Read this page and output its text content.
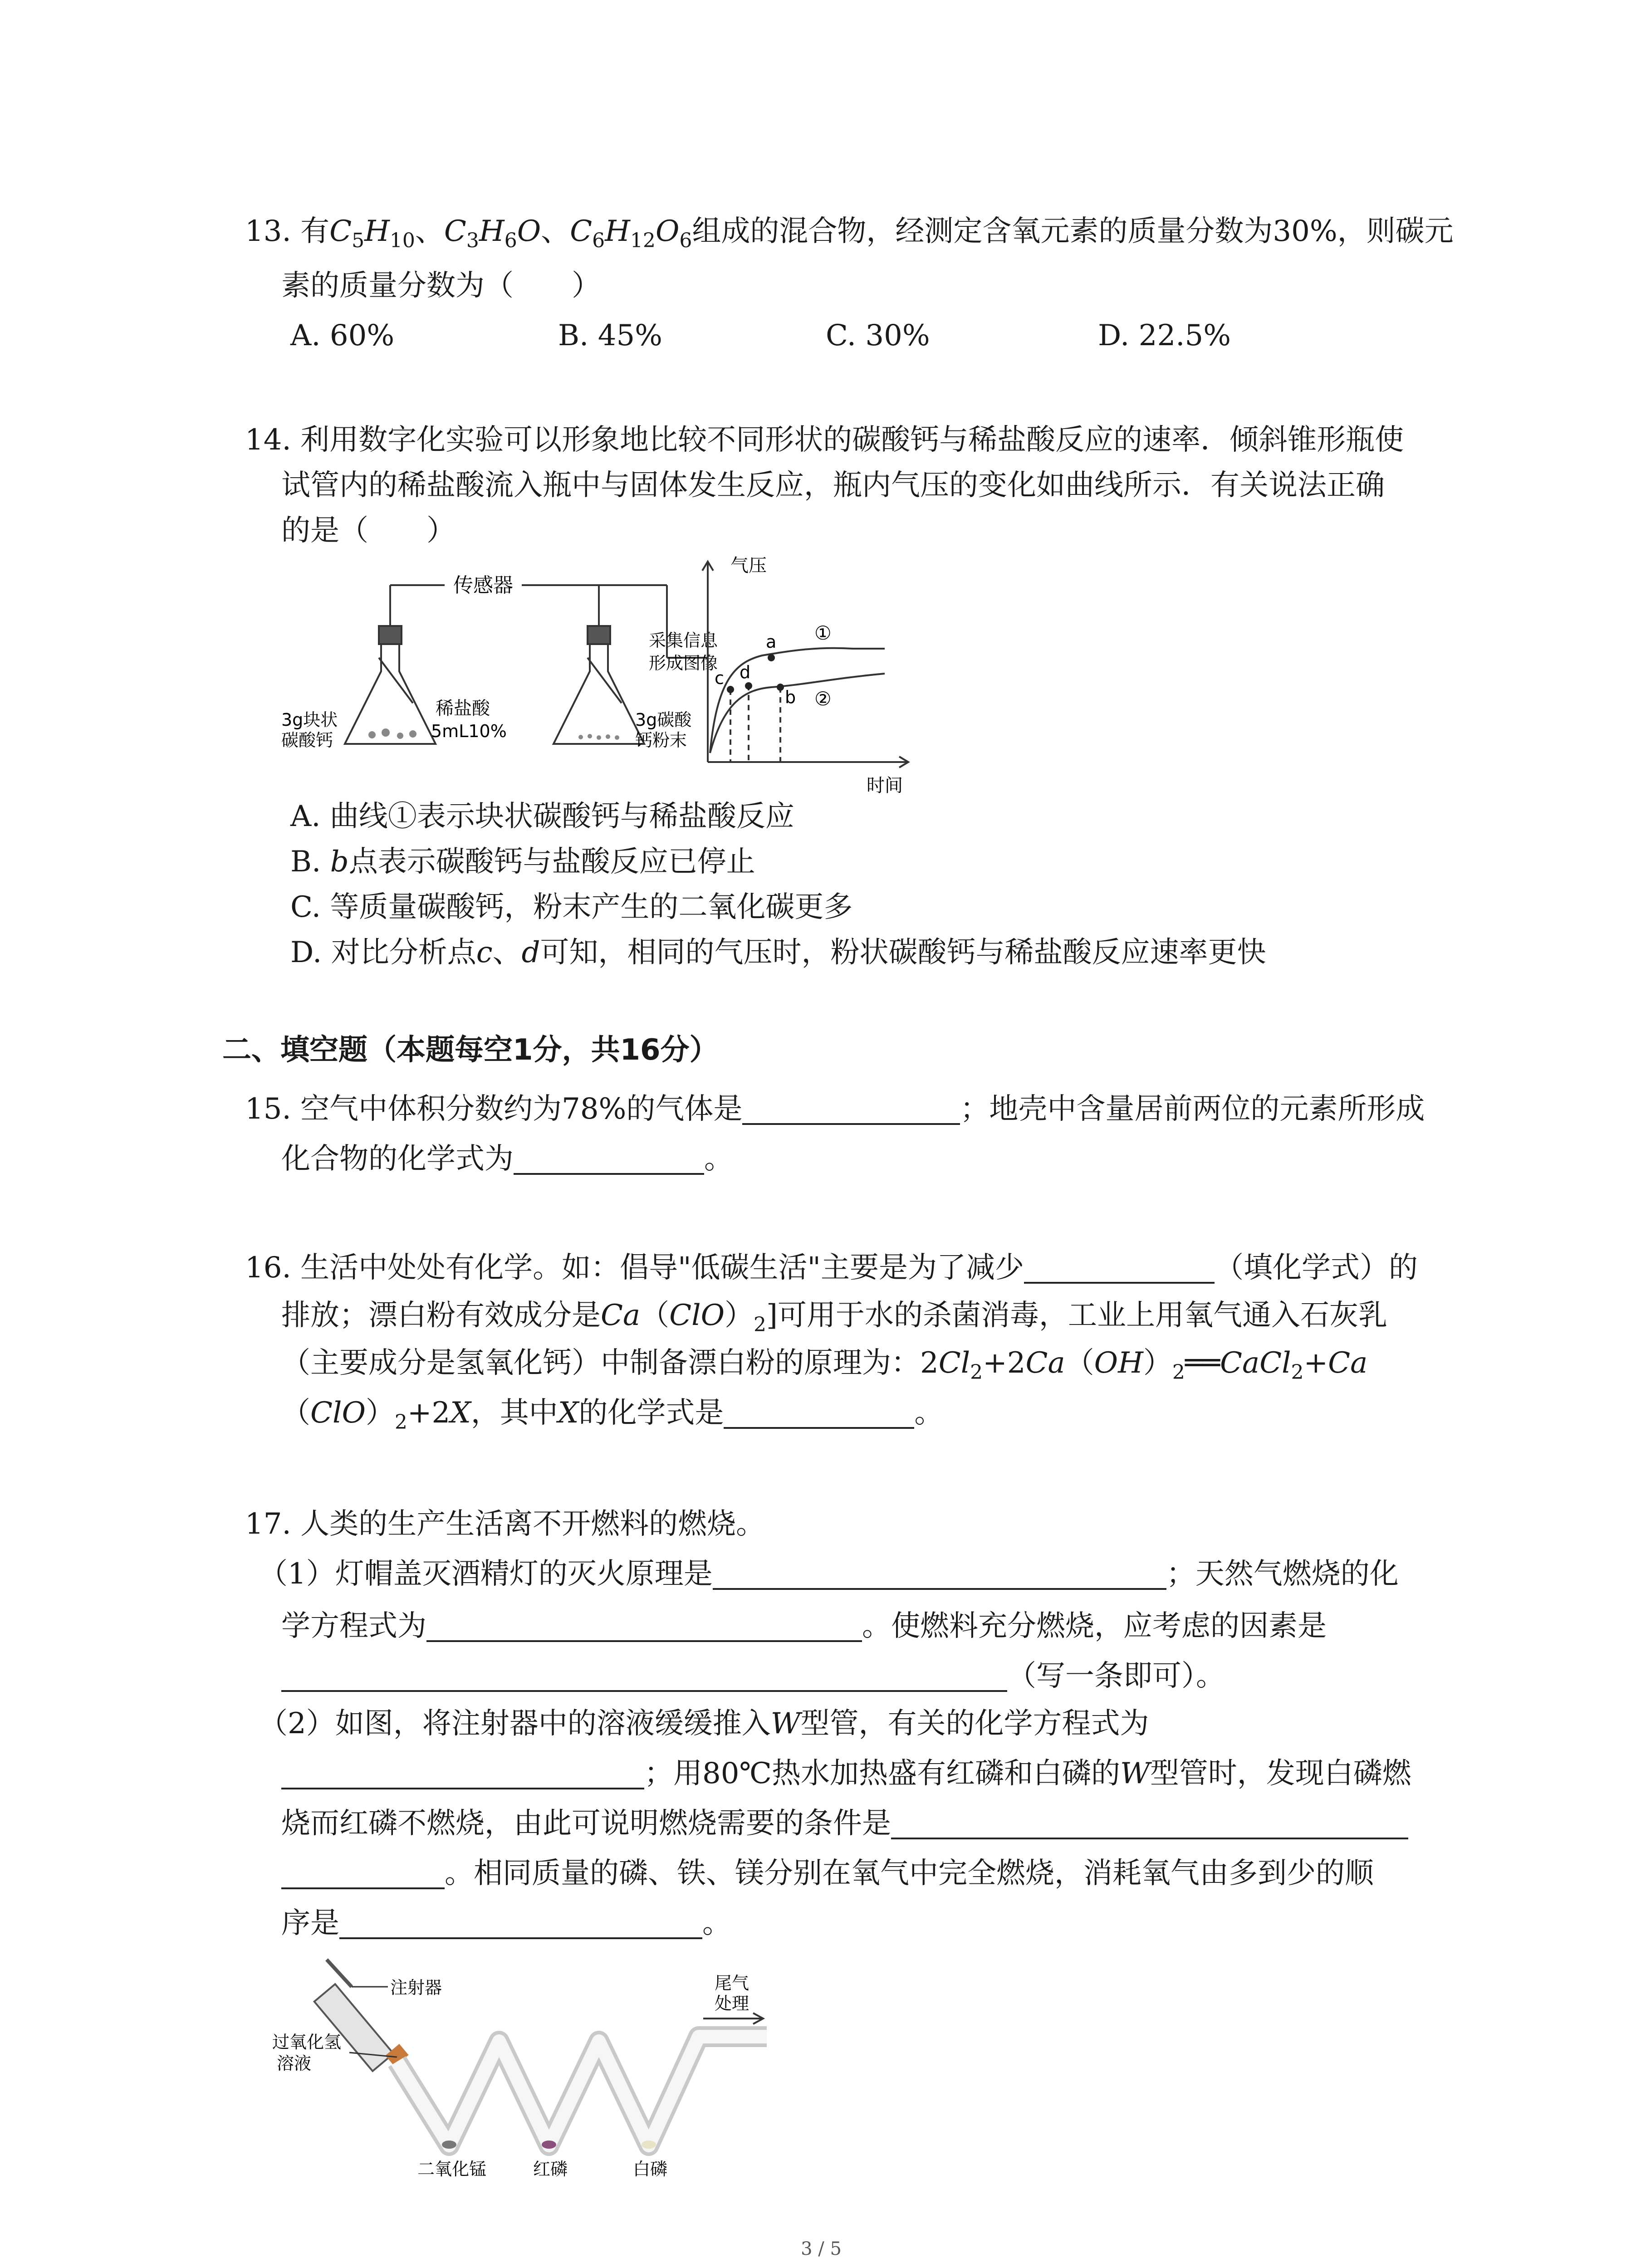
13. 有$C_5H_{10}$、$C_3H_6O$、$C_6H_{12}O_6$组成的混合物，经测定含氧元素的质量分数为30%，则碳元
素的质量分数为（　　）
A. 60%	B. 45%	C. 30%	D. 22.5%
14. 利用数字化实验可以形象地比较不同形状的碳酸钙与稀盐酸反应的速率．倾斜锥形瓶使
试管内的稀盐酸流入瓶中与固体发生反应，瓶内气压的变化如曲线所示．有关说法正确
的是（　　）
传感器
稀盐酸
5mL10%
3g块状
碳酸钙
3g碳酸
钙粉末
采集信息
形成图像
气压
时间
a
b
c d
①
②
A. 曲线①表示块状碳酸钙与稀盐酸反应
B. b点表示碳酸钙与盐酸反应已停止
C. 等质量碳酸钙，粉末产生的二氧化碳更多
D. 对比分析点c、d可知，相同的气压时，粉状碳酸钙与稀盐酸反应速率更快
二、填空题（本题每空1分，共16分）
15. 空气中体积分数约为78%的气体是	；地壳中含量居前两位的元素所形成
化合物的化学式为	。
16. 生活中处处有化学。如：倡导"低碳生活"主要是为了减少	（填化学式）的
排放；漂白粉有效成分是$Ca(ClO)_2$]可用于水的杀菌消毒，工业上用氧气通入石灰乳
（主要成分是氢氧化钙）中制备漂白粉的原理为：$2Cl_2+2Ca(OH)_2══CaCl_2+Ca$
$(ClO)_2+2X$，其中X的化学式是	。
17. 人类的生产生活离不开燃料的燃烧。
（1）灯帽盖灭酒精灯的灭火原理是	；天然气燃烧的化
学方程式为	。使燃料充分燃烧，应考虑的因素是
（写一条即可）。
（2）如图，将注射器中的溶液缓缓推入W型管，有关的化学方程式为
；用80℃热水加热盛有红磷和白磷的W型管时，发现白磷燃
烧而红磷不燃烧，由此可说明燃烧需要的条件是
。相同质量的磷、铁、镁分别在氧气中完全燃烧，消耗氧气由多到少的顺
序是	。
注射器
过氧化氢
溶液
尾气
处理
二氧化锰	红磷	白磷
3 / 5
